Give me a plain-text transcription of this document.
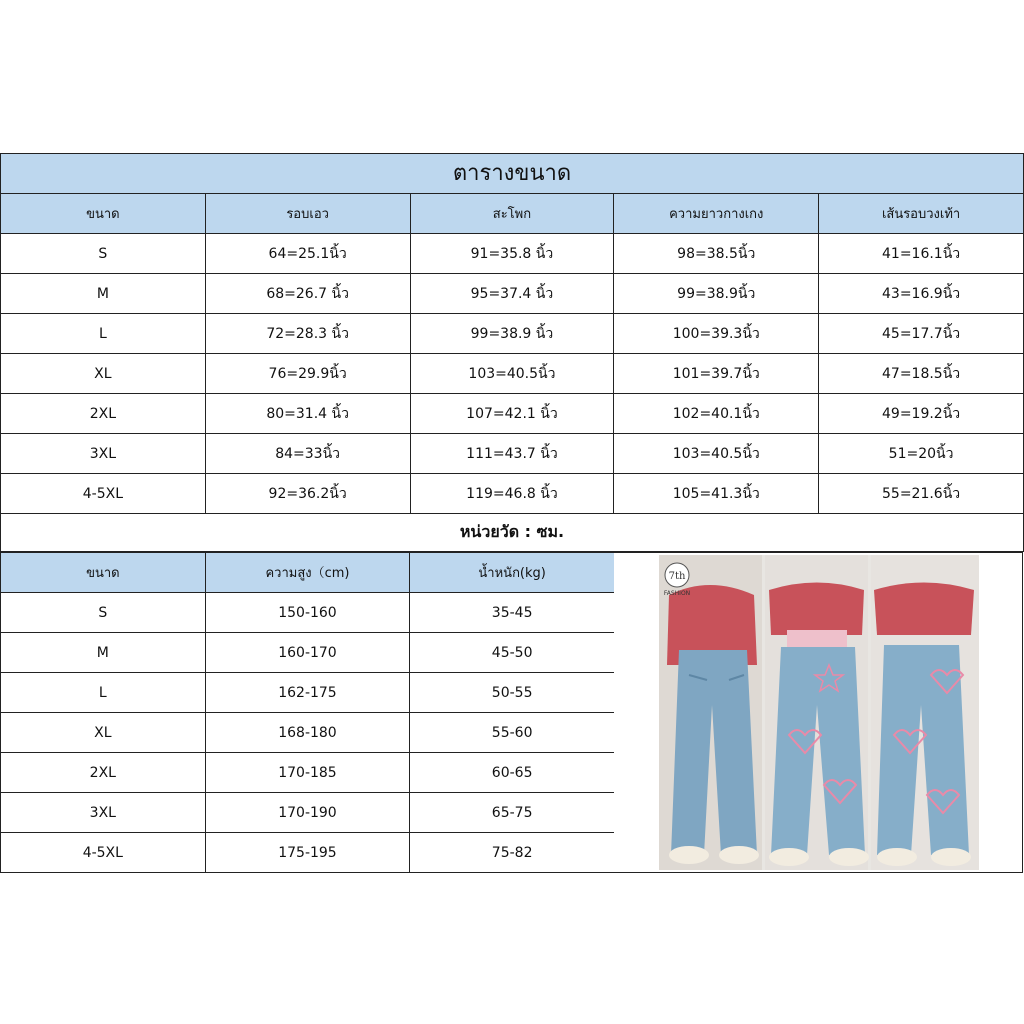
ตารางขนาด
ขนาด	รอบเอว	สะโพก	ความยาวกางเกง	เส้นรอบวงเท้า
S	64=25.1นิ้ว	91=35.8 นิ้ว	98=38.5นิ้ว	41=16.1นิ้ว
M	68=26.7 นิ้ว	95=37.4 นิ้ว	99=38.9นิ้ว	43=16.9นิ้ว
L	72=28.3 นิ้ว	99=38.9 นิ้ว	100=39.3นิ้ว	45=17.7นิ้ว
XL	76=29.9นิ้ว	103=40.5นิ้ว	101=39.7นิ้ว	47=18.5นิ้ว
2XL	80=31.4 นิ้ว	107=42.1 นิ้ว	102=40.1นิ้ว	49=19.2นิ้ว
3XL	84=33นิ้ว	111=43.7 นิ้ว	103=40.5นิ้ว	51=20นิ้ว
4-5XL	92=36.2นิ้ว	119=46.8 นิ้ว	105=41.3นิ้ว	55=21.6นิ้ว
หน่วยวัด : ซม.
ขนาด	ความสูง（cm)	น้ำหนัก(kg)
S	150-160	35-45
M	160-170	45-50
L	162-175	50-55
XL	168-180	55-60
2XL	170-185	60-65
3XL	170-190	65-75
4-5XL	175-195	75-82
7th
FASHION
